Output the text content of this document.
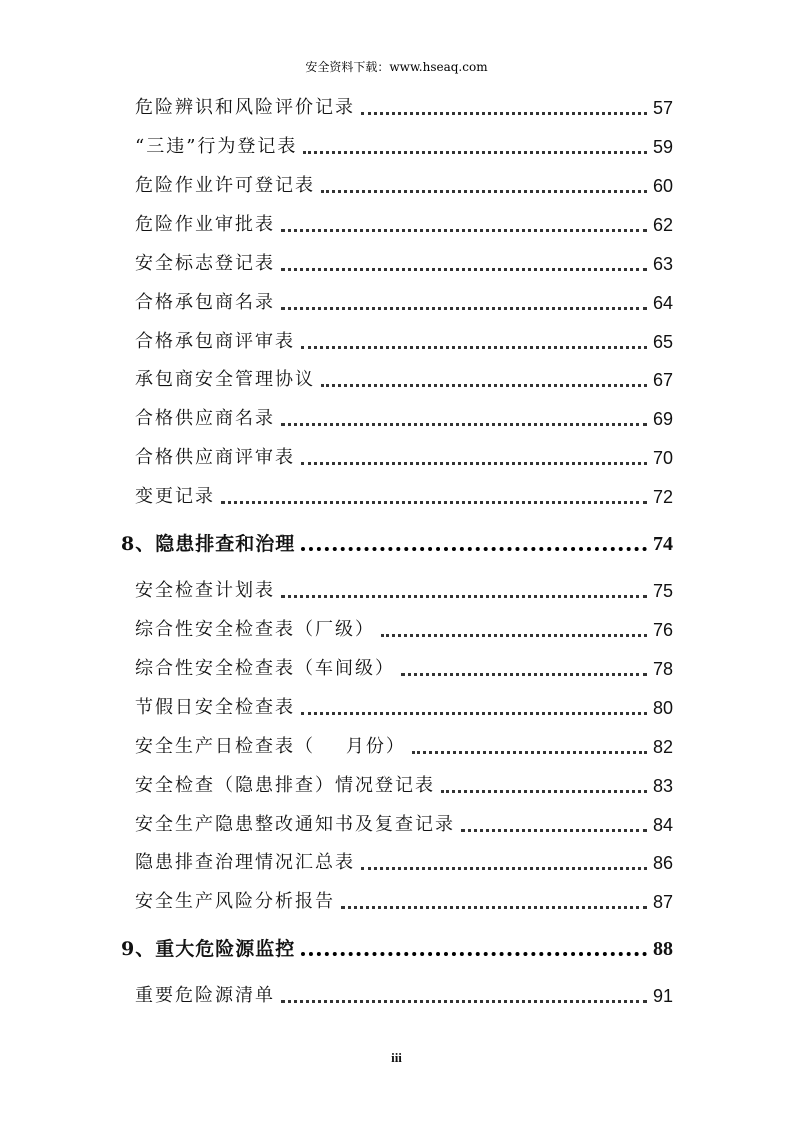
安全资料下载：www.hseaq.com
危险辨识和风险评价记录	57
“三违”行为登记表	59
危险作业许可登记表	60
危险作业审批表	62
安全标志登记表	63
合格承包商名录	64
合格承包商评审表	65
承包商安全管理协议	67
合格供应商名录	69
合格供应商评审表	70
变更记录	72
8、隐患排查和治理	74
安全检查计划表	75
综合性安全检查表（厂级）	76
综合性安全检查表（车间级）	78
节假日安全检查表	80
安全生产日检查表（    月份）	82
安全检查（隐患排查）情况登记表	83
安全生产隐患整改通知书及复查记录	84
隐患排查治理情况汇总表	86
安全生产风险分析报告	87
9、重大危险源监控	88
重要危险源清单	91
iii
